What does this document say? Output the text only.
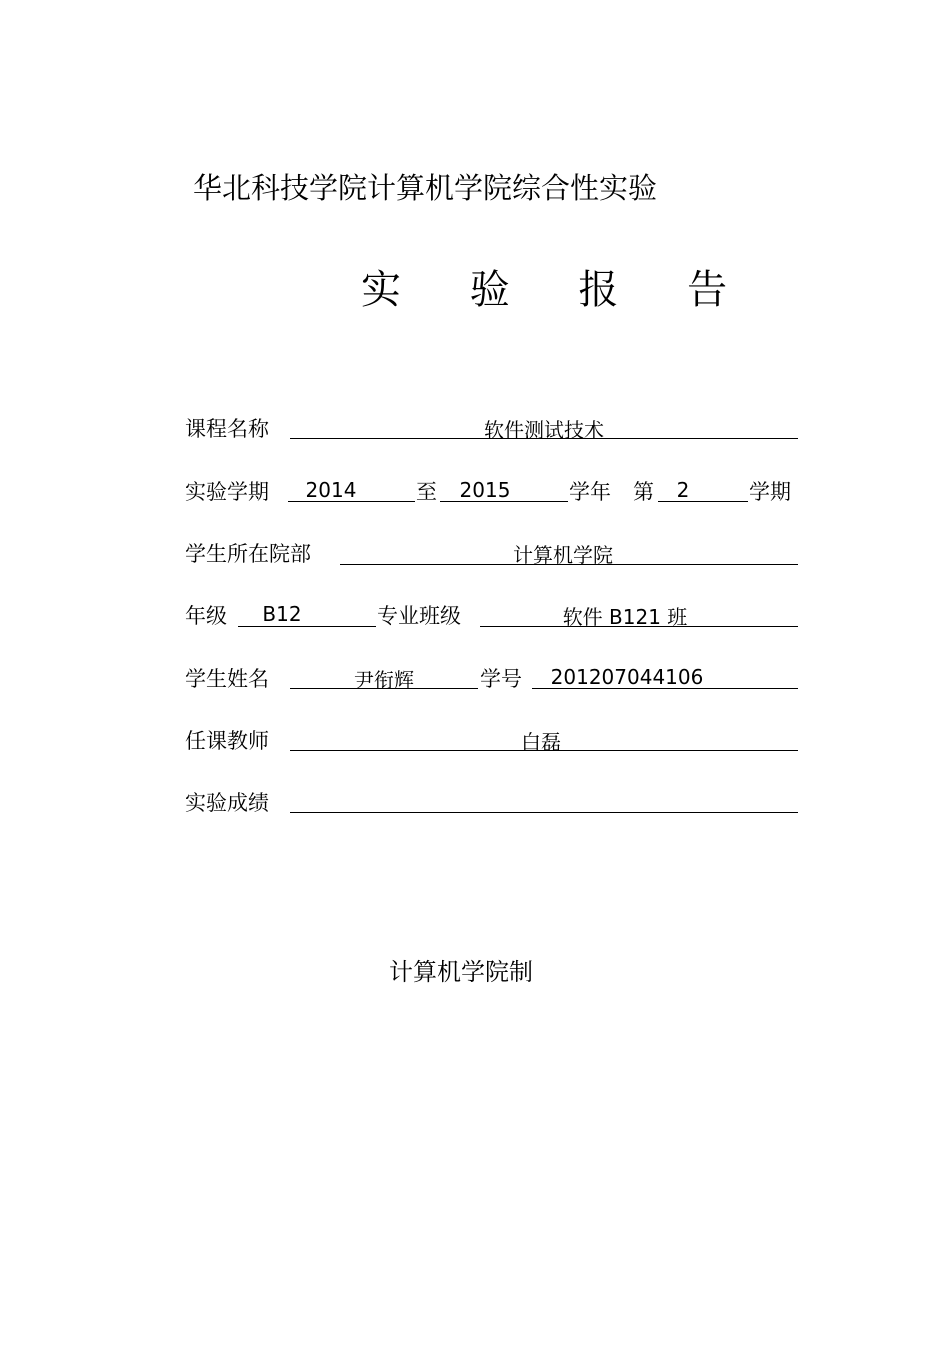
华北科技学院计算机学院综合性实验
实 验 报 告
课程名称	软件测试技术
实验学期	2014	至	2015	学年 第	2	学期
学生所在院部	计算机学院
年级	B12	专业班级	软件 B121 班
学生姓名	尹衔辉	学号	201207044106
任课教师	白磊
实验成绩
计算机学院制
